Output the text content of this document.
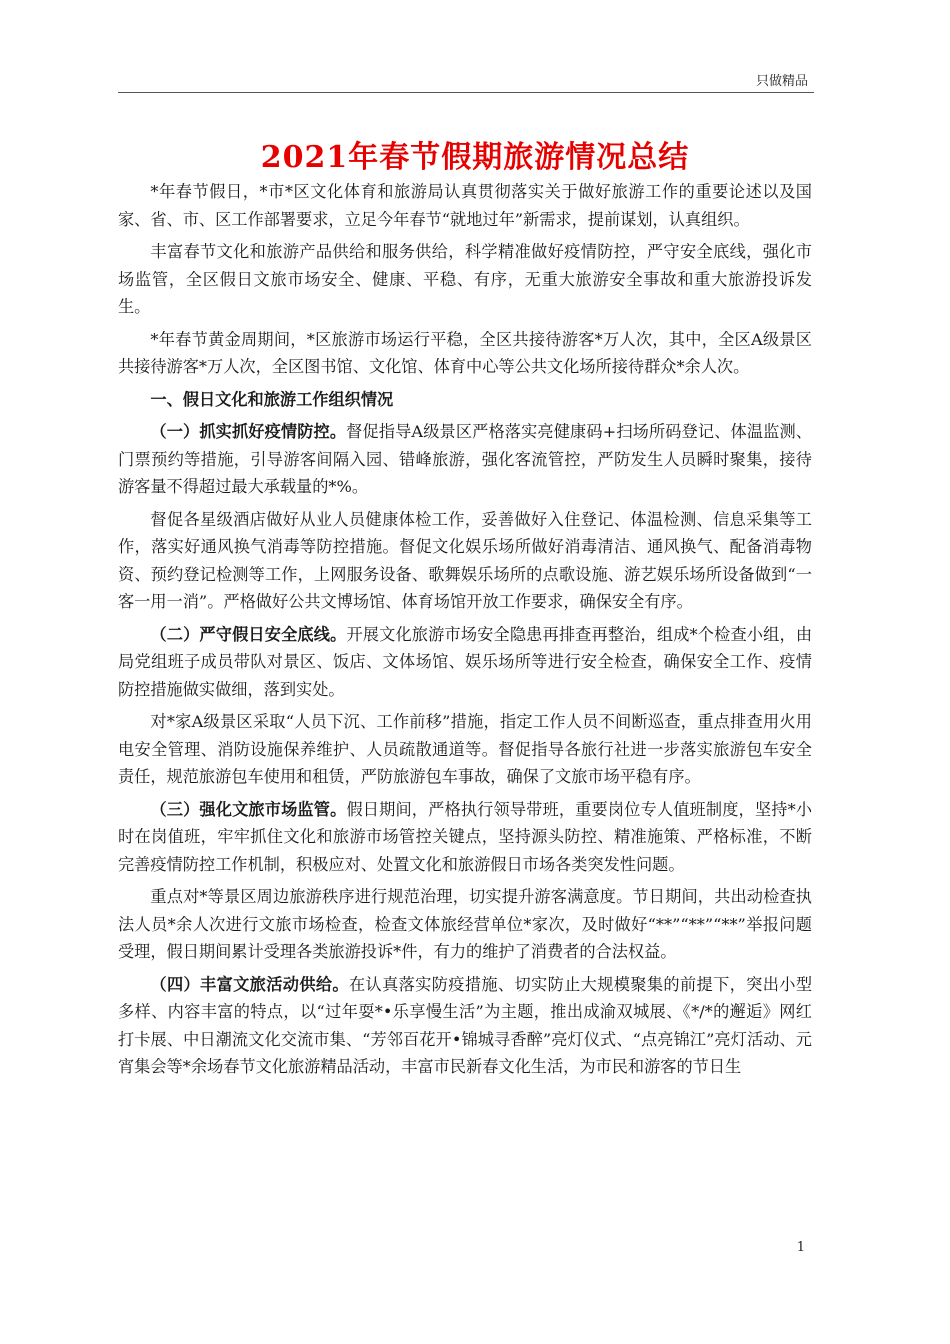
只做精品
2021年春节假期旅游情况总结

*年春节假日，*市*区文化体育和旅游局认真贯彻落实关于做好旅游工作的重要论述以及国家、省、市、区工作部署要求，立足今年春节“就地过年”新需求，提前谋划，认真组织。

丰富春节文化和旅游产品供给和服务供给，科学精准做好疫情防控，严守安全底线，强化市场监管，全区假日文旅市场安全、健康、平稳、有序，无重大旅游安全事故和重大旅游投诉发生。

*年春节黄金周期间，*区旅游市场运行平稳，全区共接待游客*万人次，其中，全区A级景区共接待游客*万人次，全区图书馆、文化馆、体育中心等公共文化场所接待群众*余人次。

一、假日文化和旅游工作组织情况

（一）抓实抓好疫情防控。督促指导A级景区严格落实亮健康码+扫场所码登记、体温监测、门票预约等措施，引导游客间隔入园、错峰旅游，强化客流管控，严防发生人员瞬时聚集，接待游客量不得超过最大承载量的*%。

督促各星级酒店做好从业人员健康体检工作，妥善做好入住登记、体温检测、信息采集等工作，落实好通风换气消毒等防控措施。督促文化娱乐场所做好消毒清洁、通风换气、配备消毒物资、预约登记检测等工作，上网服务设备、歌舞娱乐场所的点歌设施、游艺娱乐场所设备做到“一客一用一消”。严格做好公共文博场馆、体育场馆开放工作要求，确保安全有序。

（二）严守假日安全底线。开展文化旅游市场安全隐患再排查再整治，组成*个检查小组，由局党组班子成员带队对景区、饭店、文体场馆、娱乐场所等进行安全检查，确保安全工作、疫情防控措施做实做细，落到实处。

对*家A级景区采取“人员下沉、工作前移”措施，指定工作人员不间断巡查，重点排查用火用电安全管理、消防设施保养维护、人员疏散通道等。督促指导各旅行社进一步落实旅游包车安全责任，规范旅游包车使用和租赁，严防旅游包车事故，确保了文旅市场平稳有序。

（三）强化文旅市场监管。假日期间，严格执行领导带班，重要岗位专人值班制度，坚持*小时在岗值班，牢牢抓住文化和旅游市场管控关键点，坚持源头防控、精准施策、严格标准，不断完善疫情防控工作机制，积极应对、处置文化和旅游假日市场各类突发性问题。

重点对*等景区周边旅游秩序进行规范治理，切实提升游客满意度。节日期间，共出动检查执法人员*余人次进行文旅市场检查，检查文体旅经营单位*家次，及时做好“**”“**”“**”举报问题受理，假日期间累计受理各类旅游投诉*件，有力的维护了消费者的合法权益。

（四）丰富文旅活动供给。在认真落实防疫措施、切实防止大规模聚集的前提下，突出小型多样、内容丰富的特点，以“过年耍*•乐享慢生活”为主题，推出成渝双城展、《*/*的邂逅》网红打卡展、中日潮流文化交流市集、“芳邻百花开•锦城寻香醉”亮灯仪式、“点亮锦江”亮灯活动、元宵集会等*余场春节文化旅游精品活动，丰富市民新春文化生活，为市民和游客的节日生

1
